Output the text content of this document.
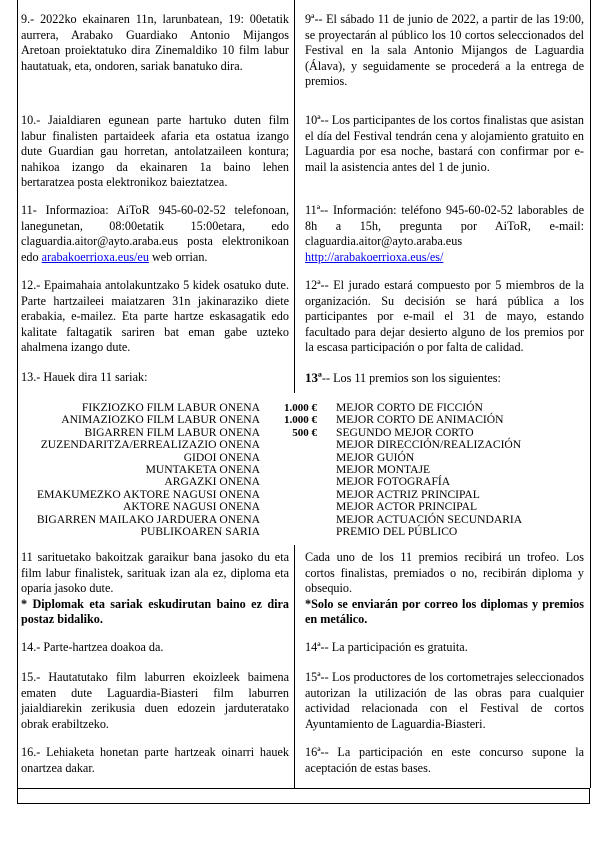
9.- 2022ko ekainaren 11n, larunbatean, 19: 00etatik aurrera, Arabako Guardiako Antonio Mijangos Aretoan proiektatuko dira Zinemaldiko 10 film labur hautatuak, eta, ondoren, sariak banatuko dira.
10.- Jaialdiaren egunean parte hartuko duten film labur finalisten partaideek afaria eta ostatua izango dute Guardian gau horretan, antolatzaileen kontura; nahikoa izango da ekainaren 1a baino lehen bertaratzea posta elektronikoz baieztatzea.
11- Informazioa: AiToR 945-60-02-52 telefonoan, lanegunetan, 08:00etatik 15:00etara, edo claguardia.aitor@ayto.araba.eus posta elektronikoan edo arabakoerrioxa.eus/eu web orrian.
12.- Epaimahaia antolakuntzako 5 kidek osatuko dute. Parte hartzaileei maiatzaren 31n jakinaraziko diete erabakia, e-mailez. Eta parte hartze eskasagatik edo kalitate faltagatik sariren bat eman gabe uzteko ahalmena izango dute.
13.- Hauek dira 11 sariak:
9ª-- El sábado 11 de junio de 2022, a partir de las 19:00, se proyectarán al público los 10 cortos seleccionados del Festival en la sala Antonio Mijangos de Laguardia (Álava), y seguidamente se procederá a la entrega de premios.
10ª-- Los participantes de los cortos finalistas que asistan el día del Festival tendrán cena y alojamiento gratuito en Laguardia por esa noche, bastará con confirmar por e-mail la asistencia antes del 1 de junio.
11ª-- Información: teléfono 945-60-02-52 laborables de 8h a 15h, pregunta por AiToR, e-mail: claguardia.aitor@ayto.araba.eus
http://arabakoerrioxa.eus/es/
12ª-- El jurado estará compuesto por 5 miembros de la organización. Su decisión se hará pública a los participantes por e-mail el 31 de mayo, estando facultado para dejar desierto alguno de los premios por la escasa participación o por falta de calidad.
13ª-- Los 11 premios son los siguientes:
FIKZIOZKO FILM LABUR ONENA	1.000 € MEJOR CORTO DE FICCIÓN
ANIMAZIOZKO FILM LABUR ONENA	1.000 € MEJOR CORTO DE ANIMACIÓN
BIGARREN FILM LABUR ONENA	500 € SEGUNDO MEJOR CORTO
ZUZENDARITZA/ERREALIZAZIO ONENA	MEJOR DIRECCIÓN/REALIZACIÓN
GIDOI ONENA	MEJOR GUIÓN
MUNTAKETA ONENA	MEJOR MONTAJE
ARGAZKI ONENA	MEJOR FOTOGRAFÍA
EMAKUMEZKO AKTORE NAGUSI ONENA	MEJOR ACTRIZ PRINCIPAL
AKTORE NAGUSI ONENA	MEJOR ACTOR PRINCIPAL
BIGARREN MAILAKO JARDUERA ONENA	MEJOR ACTUACIÓN SECUNDARIA
PUBLIKOAREN SARIA	PREMIO DEL PÚBLICO
11 sarituetako bakoitzak garaikur bana jasoko du eta film labur finalistek, sarituak izan ala ez, diploma eta oparia jasoko dute.
* Diplomak eta sariak eskudirutan baino ez dira postaz bidaliko.
Cada uno de los 11 premios recibirá un trofeo. Los cortos finalistas, premiados o no, recibirán diploma y obsequio.
*Solo se enviarán por correo los diplomas y premios en metálico.
14.- Parte-hartzea doakoa da.	14ª-- La participación es gratuita.
15.- Hautatutako film laburren ekoizleek baimena ematen dute Laguardia-Biasteri film laburren jaialdiarekin zerikusia duen edozein jarduteratako obrak erabiltzeko.
15ª-- Los productores de los cortometrajes seleccionados autorizan la utilización de las obras para cualquier actividad relacionada con el Festival de cortos Ayuntamiento de Laguardia-Biasteri.
16.- Lehiaketa honetan parte hartzeak oinarri hauek onartzea dakar.
16ª-- La participación en este concurso supone la aceptación de estas bases.
